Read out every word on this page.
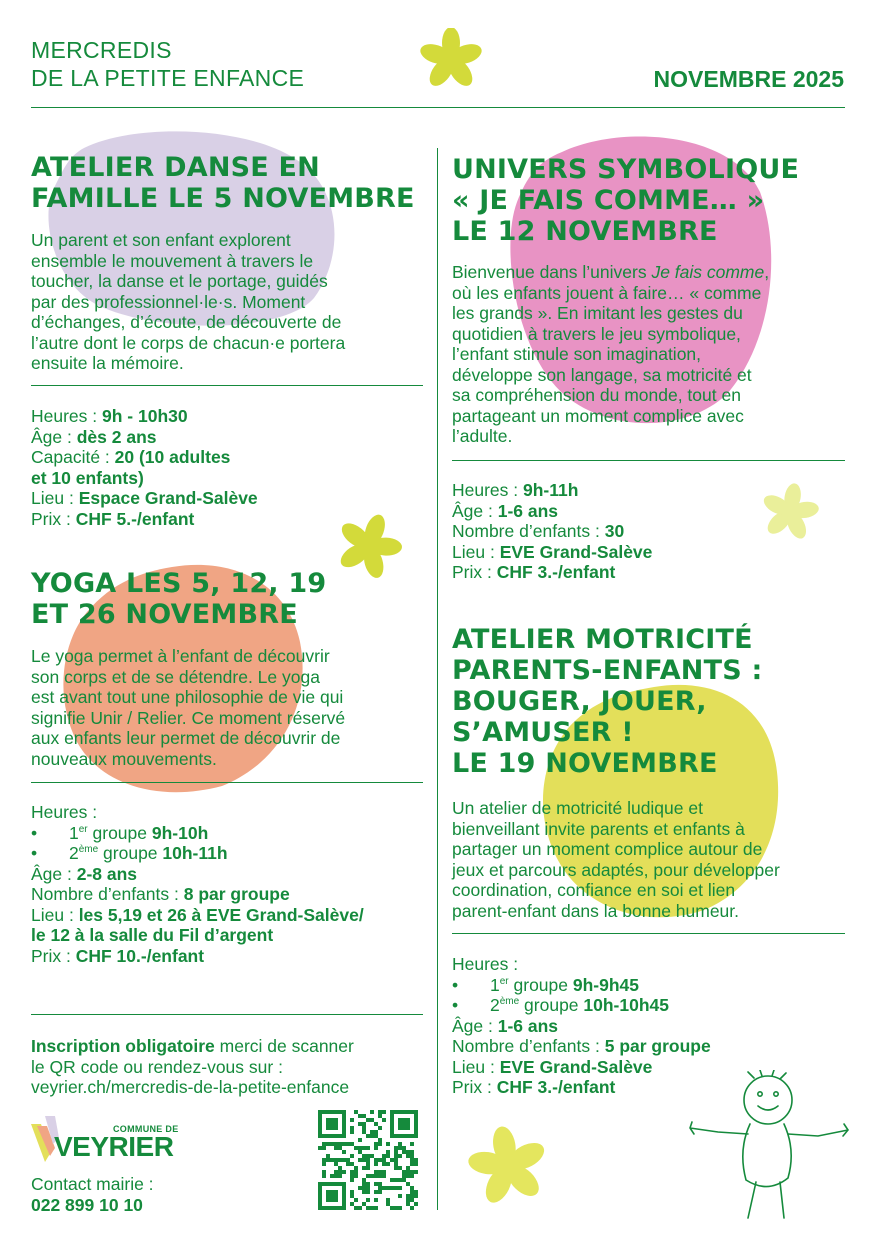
MERCREDIS
DE LA PETITE ENFANCE	NOVEMBRE 2025
ATELIER DANSE EN
FAMILLE LE 5 NOVEMBRE
Un parent et son enfant explorent
ensemble le mouvement à travers le
toucher, la danse et le portage, guidés
par des professionnel·le·s. Moment
d’échanges, d’écoute, de découverte de
l’autre dont le corps de chacun·e portera
ensuite la mémoire.
Heures : 9h - 10h30
Âge : dès 2 ans
Capacité : 20 (10 adultes
et 10 enfants)
Lieu : Espace Grand-Salève
Prix : CHF 5.-/enfant
YOGA LES 5, 12, 19
ET 26 NOVEMBRE
Le yoga permet à l’enfant de découvrir
son corps et de se détendre. Le yoga
est avant tout une philosophie de vie qui
signifie Unir / Relier. Ce moment réservé
aux enfants leur permet de découvrir de
nouveaux mouvements.
Heures :
•	1er groupe 9h-10h
•	2ème groupe 10h-11h
Âge : 2-8 ans
Nombre d’enfants : 8 par groupe
Lieu : les 5,19 et 26 à EVE Grand-Salève/
le 12 à la salle du Fil d’argent
Prix : CHF 10.-/enfant
Inscription obligatoire merci de scanner
le QR code ou rendez-vous sur :
veyrier.ch/mercredis-de-la-petite-enfance
COMMUNE DE
VEYRIER
Contact mairie :
022 899 10 10
UNIVERS SYMBOLIQUE
« JE FAIS COMME… »
LE 12 NOVEMBRE
Bienvenue dans l’univers Je fais comme,
où les enfants jouent à faire… « comme
les grands ». En imitant les gestes du
quotidien à travers le jeu symbolique,
l’enfant stimule son imagination,
développe son langage, sa motricité et
sa compréhension du monde, tout en
partageant un moment complice avec
l’adulte.
Heures : 9h-11h
Âge : 1-6 ans
Nombre d’enfants : 30
Lieu : EVE Grand-Salève
Prix : CHF 3.-/enfant
ATELIER MOTRICITÉ
PARENTS-ENFANTS :
BOUGER, JOUER,
S’AMUSER !
LE 19 NOVEMBRE
Un atelier de motricité ludique et
bienveillant invite parents et enfants à
partager un moment complice autour de
jeux et parcours adaptés, pour développer
coordination, confiance en soi et lien
parent-enfant dans la bonne humeur.
Heures :
•	1er groupe 9h-9h45
•	2ème groupe 10h-10h45
Âge : 1-6 ans
Nombre d’enfants : 5 par groupe
Lieu : EVE Grand-Salève
Prix : CHF 3.-/enfant
